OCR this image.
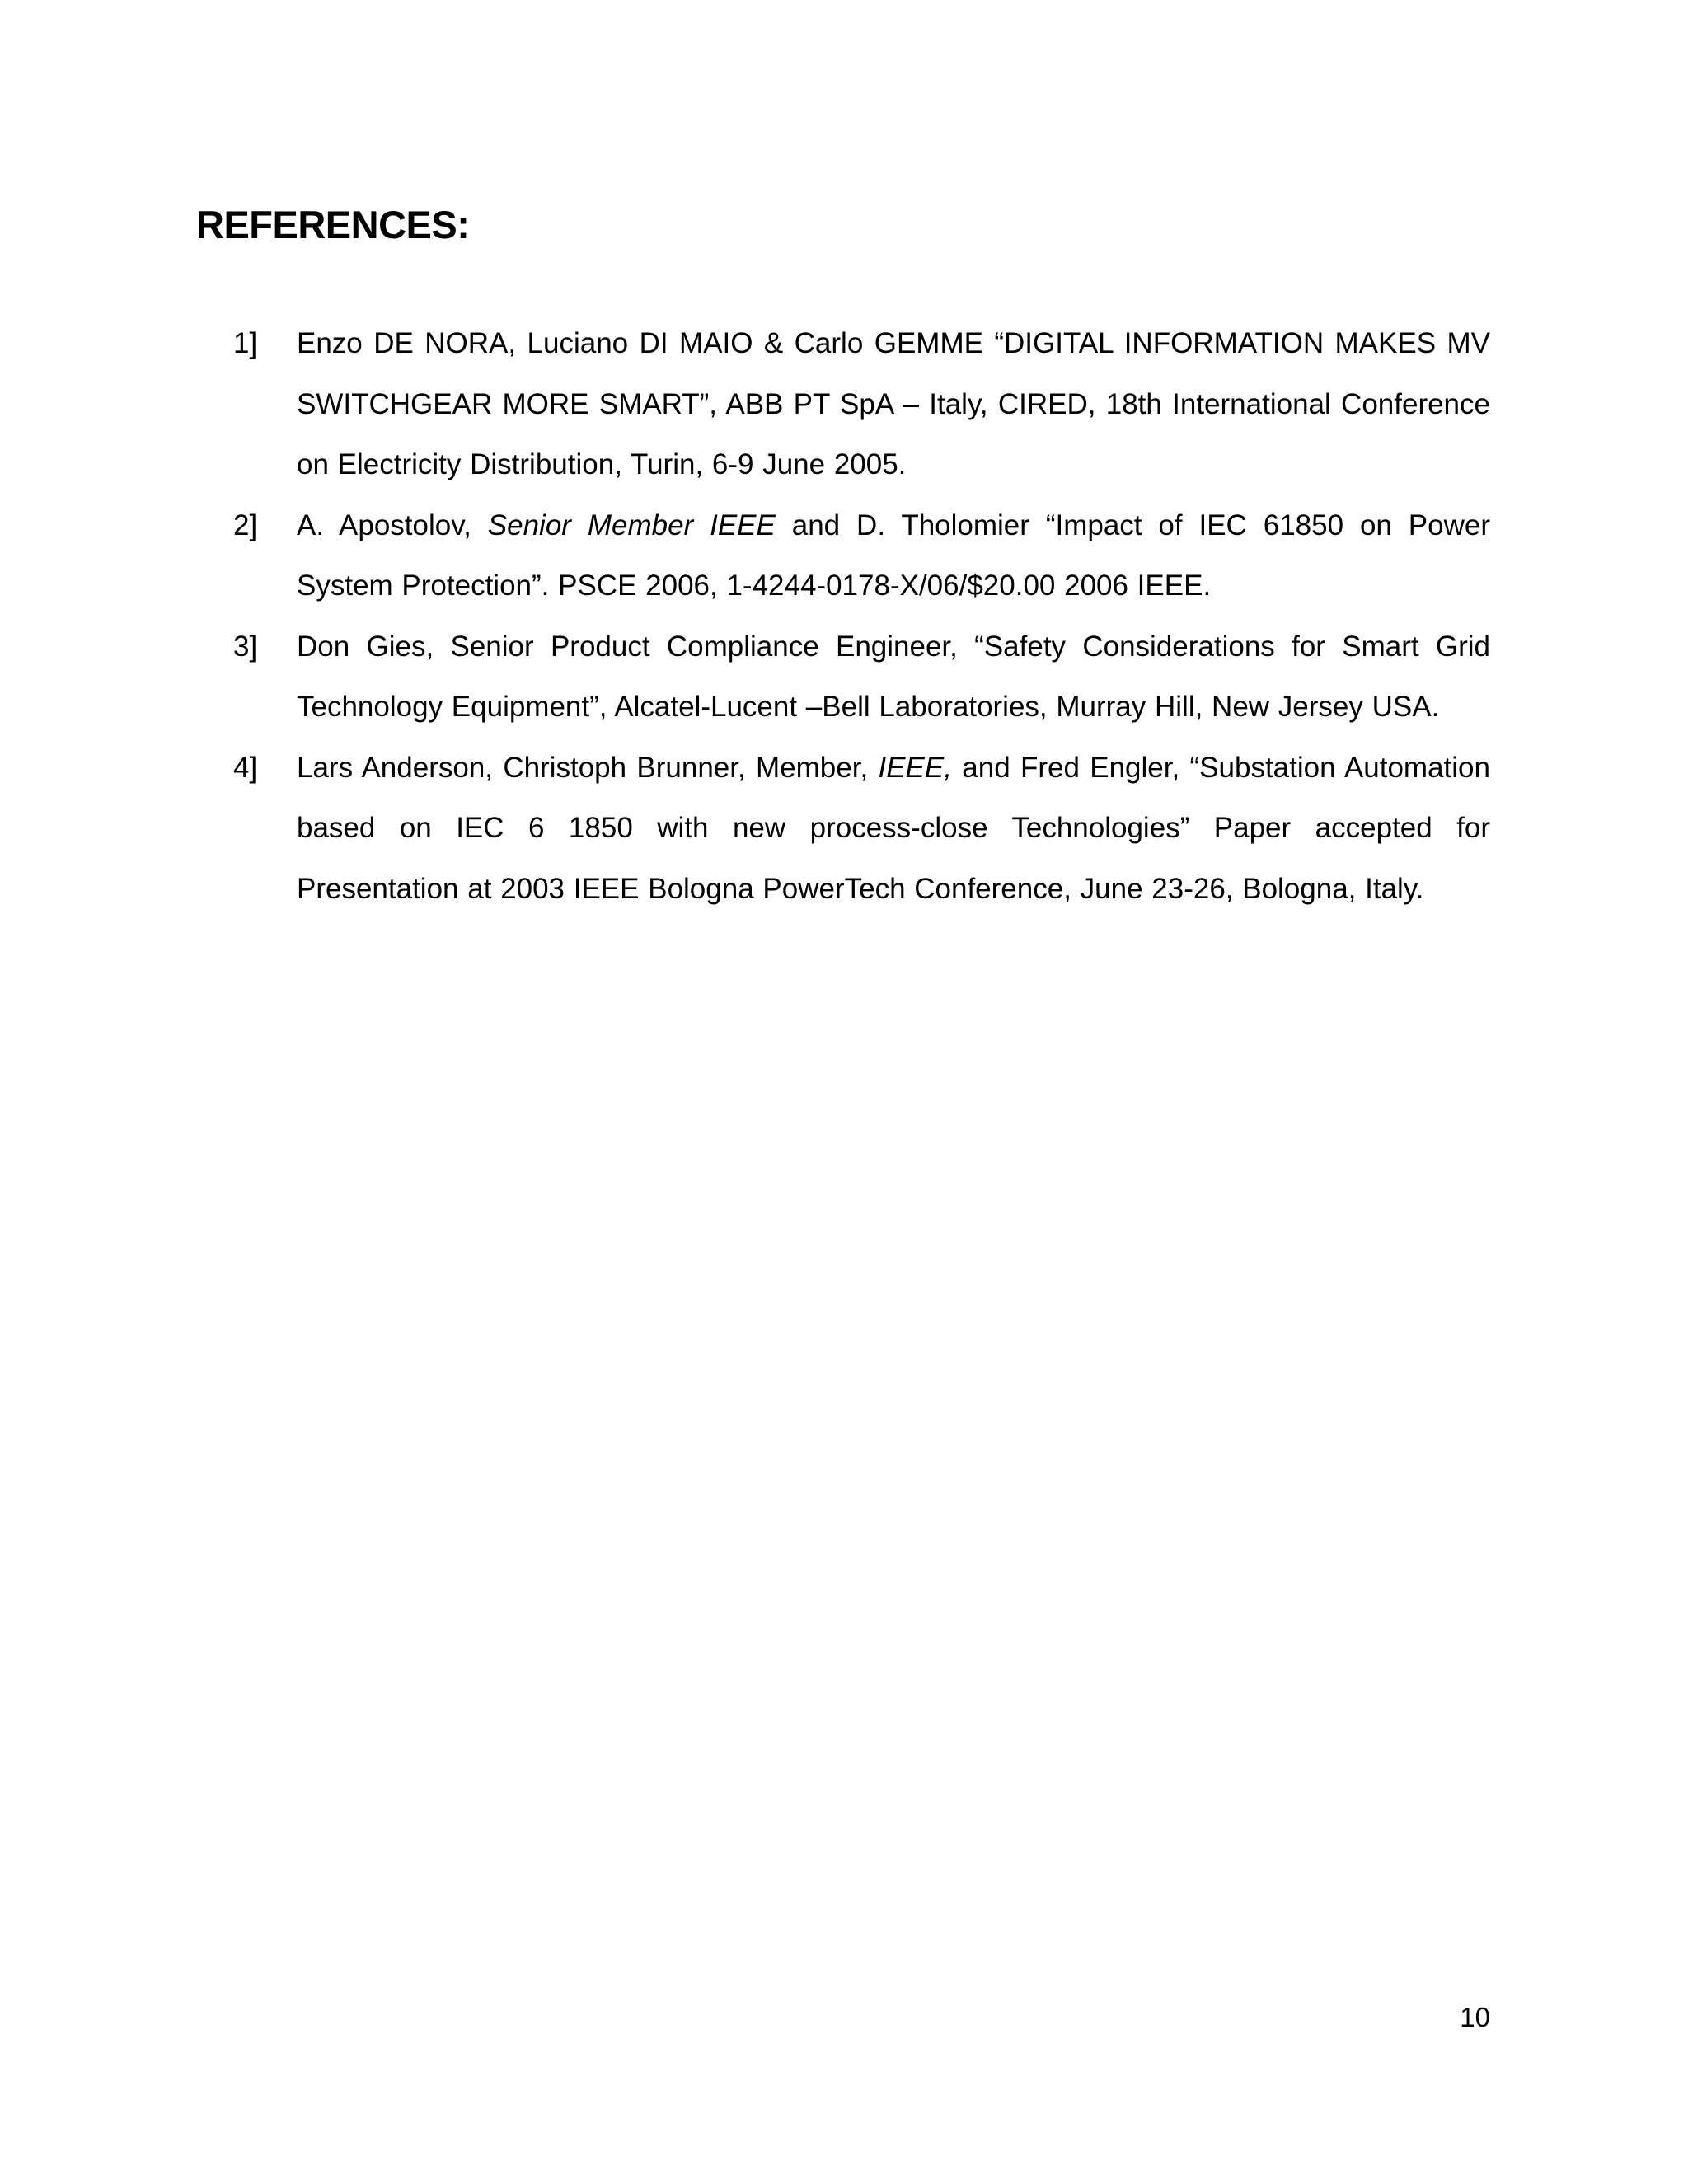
REFERENCES:
1] Enzo DE NORA, Luciano DI MAIO & Carlo GEMME “DIGITAL INFORMATION MAKES MV SWITCHGEAR MORE SMART”, ABB PT SpA – Italy, CIRED, 18th International Conference on Electricity Distribution, Turin, 6-9 June 2005.
2] A. Apostolov, Senior Member IEEE and D. Tholomier “Impact of IEC 61850 on Power System Protection”. PSCE 2006, 1-4244-0178-X/06/$20.00 2006 IEEE.
3] Don Gies, Senior Product Compliance Engineer, “Safety Considerations for Smart Grid Technology Equipment”, Alcatel-Lucent –Bell Laboratories, Murray Hill, New Jersey USA.
4] Lars Anderson, Christoph Brunner, Member, IEEE, and Fred Engler, “Substation Automation based on IEC 6 1850 with new process-close Technologies” Paper accepted for Presentation at 2003 IEEE Bologna PowerTech Conference, June 23-26, Bologna, Italy.
10
